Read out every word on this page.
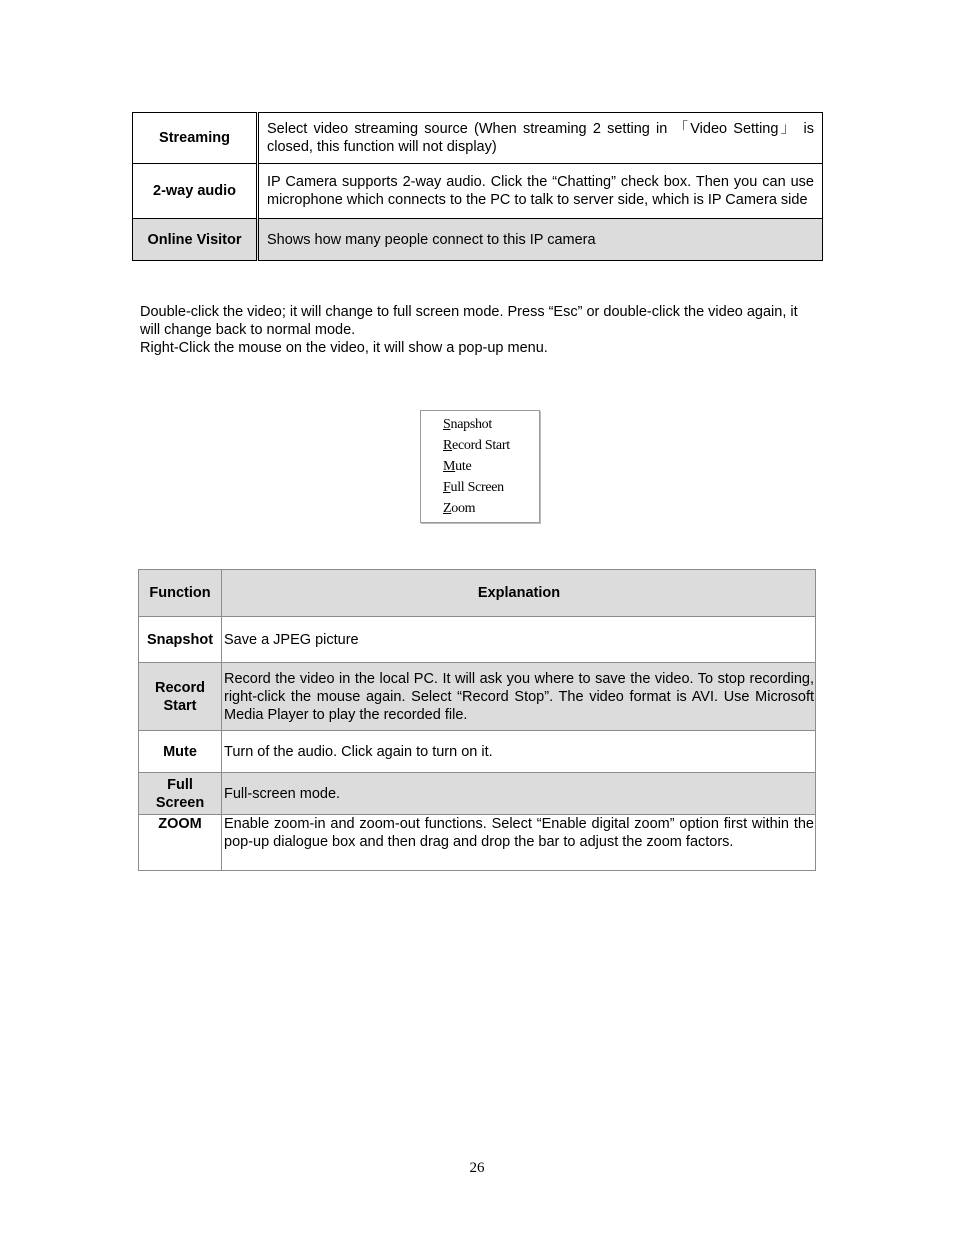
Streaming	Select video streaming source (When streaming 2 setting in 「Video Setting」 is closed, this function will not display)
2-way audio	IP Camera supports 2-way audio. Click the “Chatting” check box. Then you can use microphone which connects to the PC to talk to server side, which is IP Camera side
Online Visitor	Shows how many people connect to this IP camera

Double-click the video; it will change to full screen mode. Press “Esc” or double-click the video again, it will change back to normal mode.

Right-Click the mouse on the video, it will show a pop-up menu.

Snapshot
Record Start
Mute
Full Screen
Zoom
Function	Explanation
Snapshot	Save a JPEG picture
Record Start	Record the video in the local PC. It will ask you where to save the video. To stop recording, right-click the mouse again. Select “Record Stop”. The video format is AVI. Use Microsoft Media Player to play the recorded file.
Mute	Turn of the audio. Click again to turn on it.
Full Screen	Full-screen mode.
ZOOM	Enable zoom-in and zoom-out functions. Select “Enable digital zoom” option first within the pop-up dialogue box and then drag and drop the bar to adjust the zoom factors.
26
